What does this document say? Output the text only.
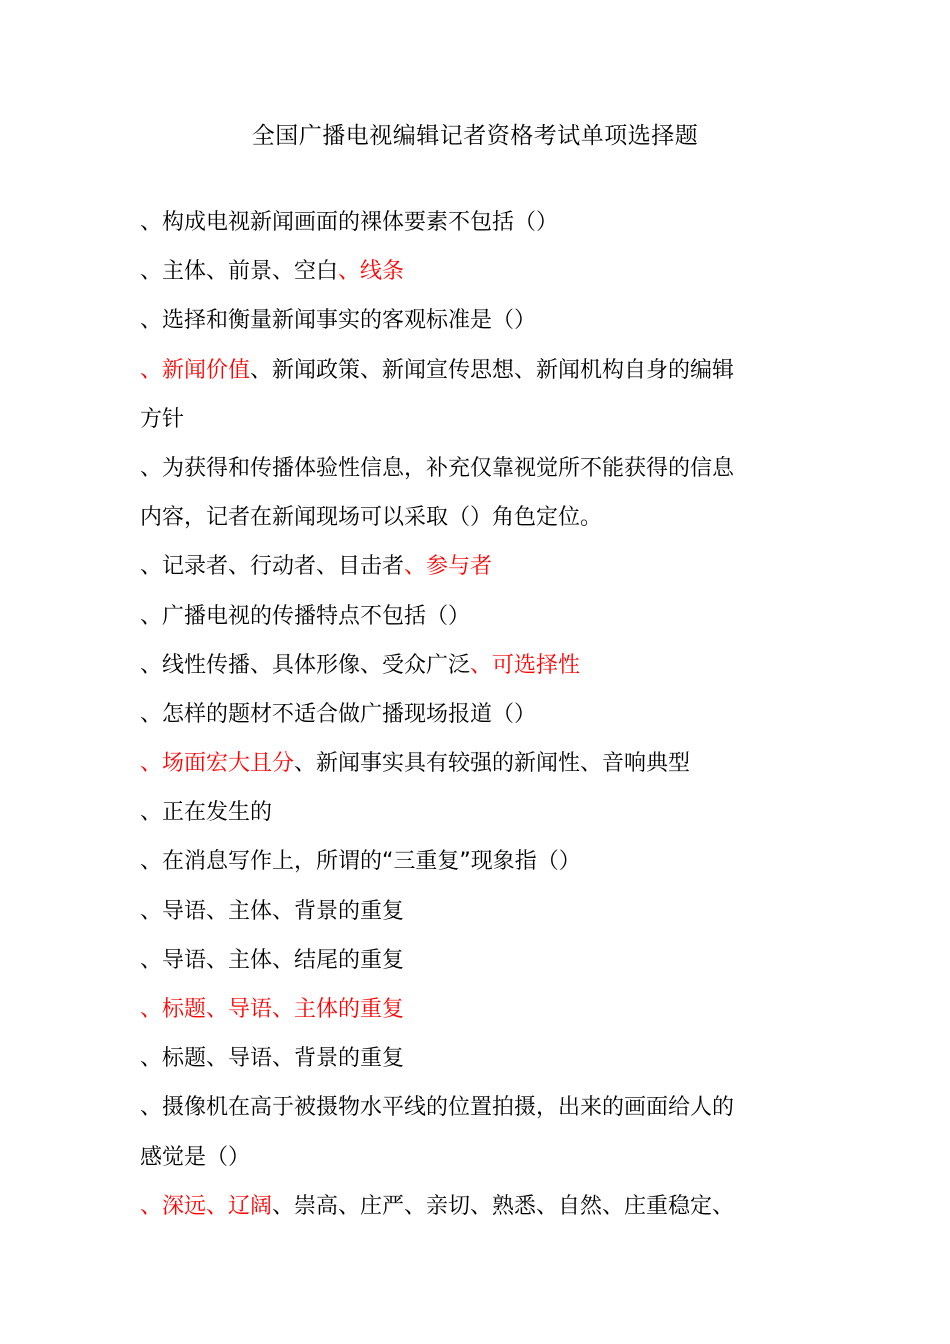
全国广播电视编辑记者资格考试单项选择题
、构成电视新闻画面的裸体要素不包括（）
、主体、前景、空白、线条
、选择和衡量新闻事实的客观标准是（）
、新闻价值、新闻政策、新闻宣传思想、新闻机构自身的编辑
方针
、为获得和传播体验性信息，补充仅靠视觉所不能获得的信息
内容，记者在新闻现场可以采取（）角色定位。
、记录者、行动者、目击者、参与者
、广播电视的传播特点不包括（）
、线性传播、具体形像、受众广泛、可选择性
、怎样的题材不适合做广播现场报道（）
、场面宏大且分、新闻事实具有较强的新闻性、音响典型
、正在发生的
、在消息写作上，所谓的“三重复”现象指（）
、导语、主体、背景的重复
、导语、主体、结尾的重复
、标题、导语、主体的重复
、标题、导语、背景的重复
、摄像机在高于被摄物水平线的位置拍摄，出来的画面给人的
感觉是（）
、深远、辽阔、崇高、庄严、亲切、熟悉、自然、庄重稳定、
